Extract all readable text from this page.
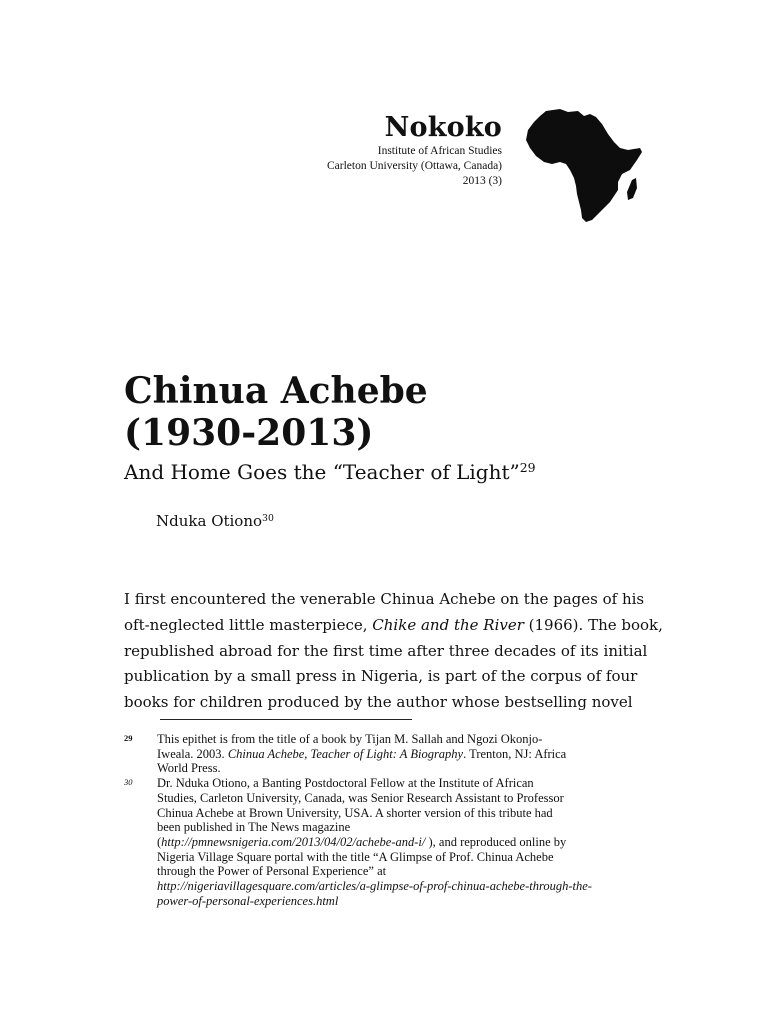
Nokoko
Institute of African Studies
Carleton University (Ottawa, Canada)
2013 (3)
Chinua Achebe
(1930-2013)
And Home Goes the “Teacher of Light”$^{29}$
Nduka Otiono$^{30}$
I first encountered the venerable Chinua Achebe on the pages of his
oft-neglected little masterpiece, Chike and the River (1966). The book,
republished abroad for the first time after three decades of its initial
publication by a small press in Nigeria, is part of the corpus of four
books for children produced by the author whose bestselling novel
29 This epithet is from the title of a book by Tijan M. Sallah and Ngozi Okonjo-
Iweala. 2003. Chinua Achebe, Teacher of Light: A Biography. Trenton, NJ: Africa
World Press.
30 Dr. Nduka Otiono, a Banting Postdoctoral Fellow at the Institute of African
Studies, Carleton University, Canada, was Senior Research Assistant to Professor
Chinua Achebe at Brown University, USA. A shorter version of this tribute had
been published in The News magazine
(http://pmnewsnigeria.com/2013/04/02/achebe-and-i/ ), and reproduced online by
Nigeria Village Square portal with the title “A Glimpse of Prof. Chinua Achebe
through the Power of Personal Experience” at
http://nigeriavillagesquare.com/articles/a-glimpse-of-prof-chinua-achebe-through-the-
power-of-personal-experiences.html
